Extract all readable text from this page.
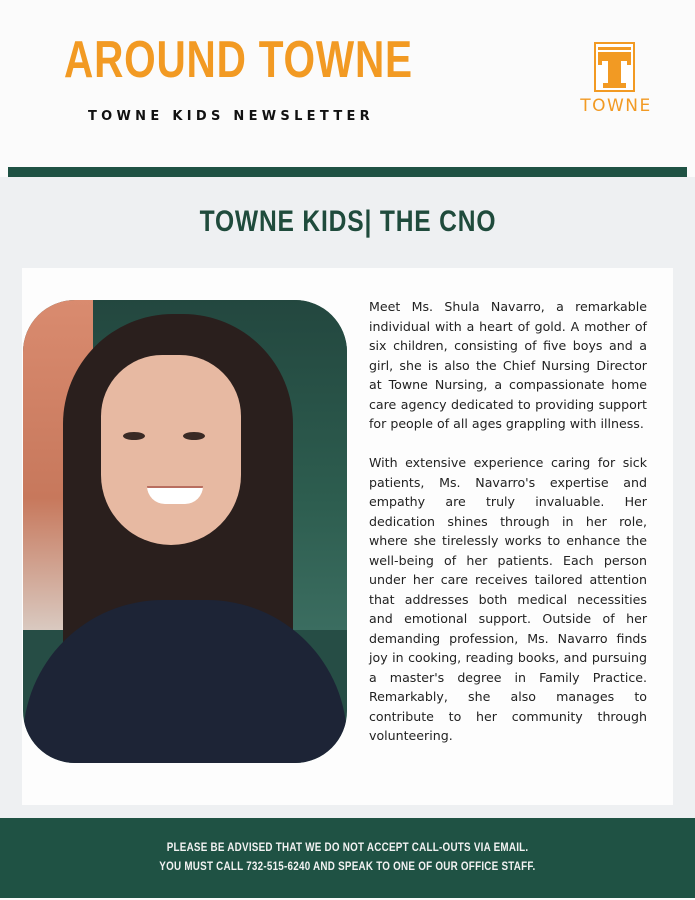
AROUND TOWNE
TOWNE KIDS NEWSLETTER
TOWNE
TOWNE KIDS| THE CNO

Meet Ms. Shula Navarro, a remarkable individual with a heart of gold. A mother of six children, consisting of five boys and a girl, she is also the Chief Nursing Director at Towne Nursing, a compassionate home care agency dedicated to providing support for people of all ages grappling with illness.

With extensive experience caring for sick patients, Ms. Navarro's expertise and empathy are truly invaluable. Her dedication shines through in her role, where she tirelessly works to enhance the well-being of her patients. Each person under her care receives tailored attention that addresses both medical necessities and emotional support. Outside of her demanding profession, Ms. Navarro finds joy in cooking, reading books, and pursuing a master's degree in Family Practice. Remarkably, she also manages to contribute to her community through volunteering.

PLEASE BE ADVISED THAT WE DO NOT ACCEPT CALL-OUTS VIA EMAIL.
YOU MUST CALL 732-515-6240 AND SPEAK TO ONE OF OUR OFFICE STAFF.
